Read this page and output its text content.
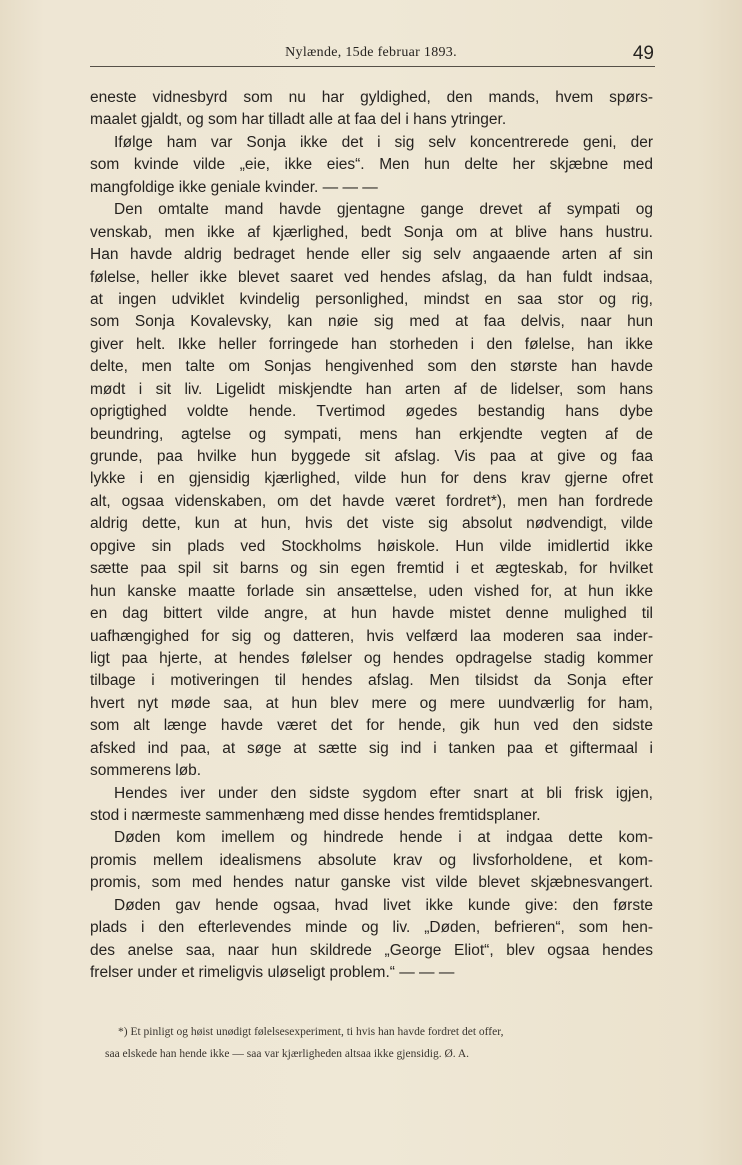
Nylænde, 15de februar 1893.	49
eneste vidnesbyrd som nu har gyldighed, den mands, hvem spørs-
maalet gjaldt, og som har tilladt alle at faa del i hans ytringer.
Ifølge ham var Sonja ikke det i sig selv koncentrerede geni, der
som kvinde vilde „eie, ikke eies“. Men hun delte her skjæbne med
mangfoldige ikke geniale kvinder. — — —
Den omtalte mand havde gjentagne gange drevet af sympati og
venskab, men ikke af kjærlighed, bedt Sonja om at blive hans hustru.
Han havde aldrig bedraget hende eller sig selv angaaende arten af sin
følelse, heller ikke blevet saaret ved hendes afslag, da han fuldt indsaa,
at ingen udviklet kvindelig personlighed, mindst en saa stor og rig,
som Sonja Kovalevsky, kan nøie sig med at faa delvis, naar hun
giver helt. Ikke heller forringede han storheden i den følelse, han ikke
delte, men talte om Sonjas hengivenhed som den største han havde
mødt i sit liv. Ligelidt miskjendte han arten af de lidelser, som hans
oprigtighed voldte hende. Tvertimod øgedes bestandig hans dybe
beundring, agtelse og sympati, mens han erkjendte vegten af de
grunde, paa hvilke hun byggede sit afslag. Vis paa at give og faa
lykke i en gjensidig kjærlighed, vilde hun for dens krav gjerne ofret
alt, ogsaa videnskaben, om det havde været fordret*), men han fordrede
aldrig dette, kun at hun, hvis det viste sig absolut nødvendigt, vilde
opgive sin plads ved Stockholms høiskole. Hun vilde imidlertid ikke
sætte paa spil sit barns og sin egen fremtid i et ægteskab, for hvilket
hun kanske maatte forlade sin ansættelse, uden vished for, at hun ikke
en dag bittert vilde angre, at hun havde mistet denne mulighed til
uafhængighed for sig og datteren, hvis velfærd laa moderen saa inder-
ligt paa hjerte, at hendes følelser og hendes opdragelse stadig kommer
tilbage i motiveringen til hendes afslag. Men tilsidst da Sonja efter
hvert nyt møde saa, at hun blev mere og mere uundværlig for ham,
som alt længe havde været det for hende, gik hun ved den sidste
afsked ind paa, at søge at sætte sig ind i tanken paa et giftermaal i
sommerens løb.
Hendes iver under den sidste sygdom efter snart at bli frisk igjen,
stod i nærmeste sammenhæng med disse hendes fremtidsplaner.
Døden kom imellem og hindrede hende i at indgaa dette kom-
promis mellem idealismens absolute krav og livsforholdene, et kom-
promis, som med hendes natur ganske vist vilde blevet skjæbnesvangert.
Døden gav hende ogsaa, hvad livet ikke kunde give: den første
plads i den efterlevendes minde og liv. „Døden, befrieren“, som hen-
des anelse saa, naar hun skildrede „George Eliot“, blev ogsaa hendes
frelser under et rimeligvis uløseligt problem.“ — — —
*) Et pinligt og høist unødigt følelsesexperiment, ti hvis han havde fordret det offer,
saa elskede han hende ikke — saa var kjærligheden altsaa ikke gjensidig. Ø. A.
